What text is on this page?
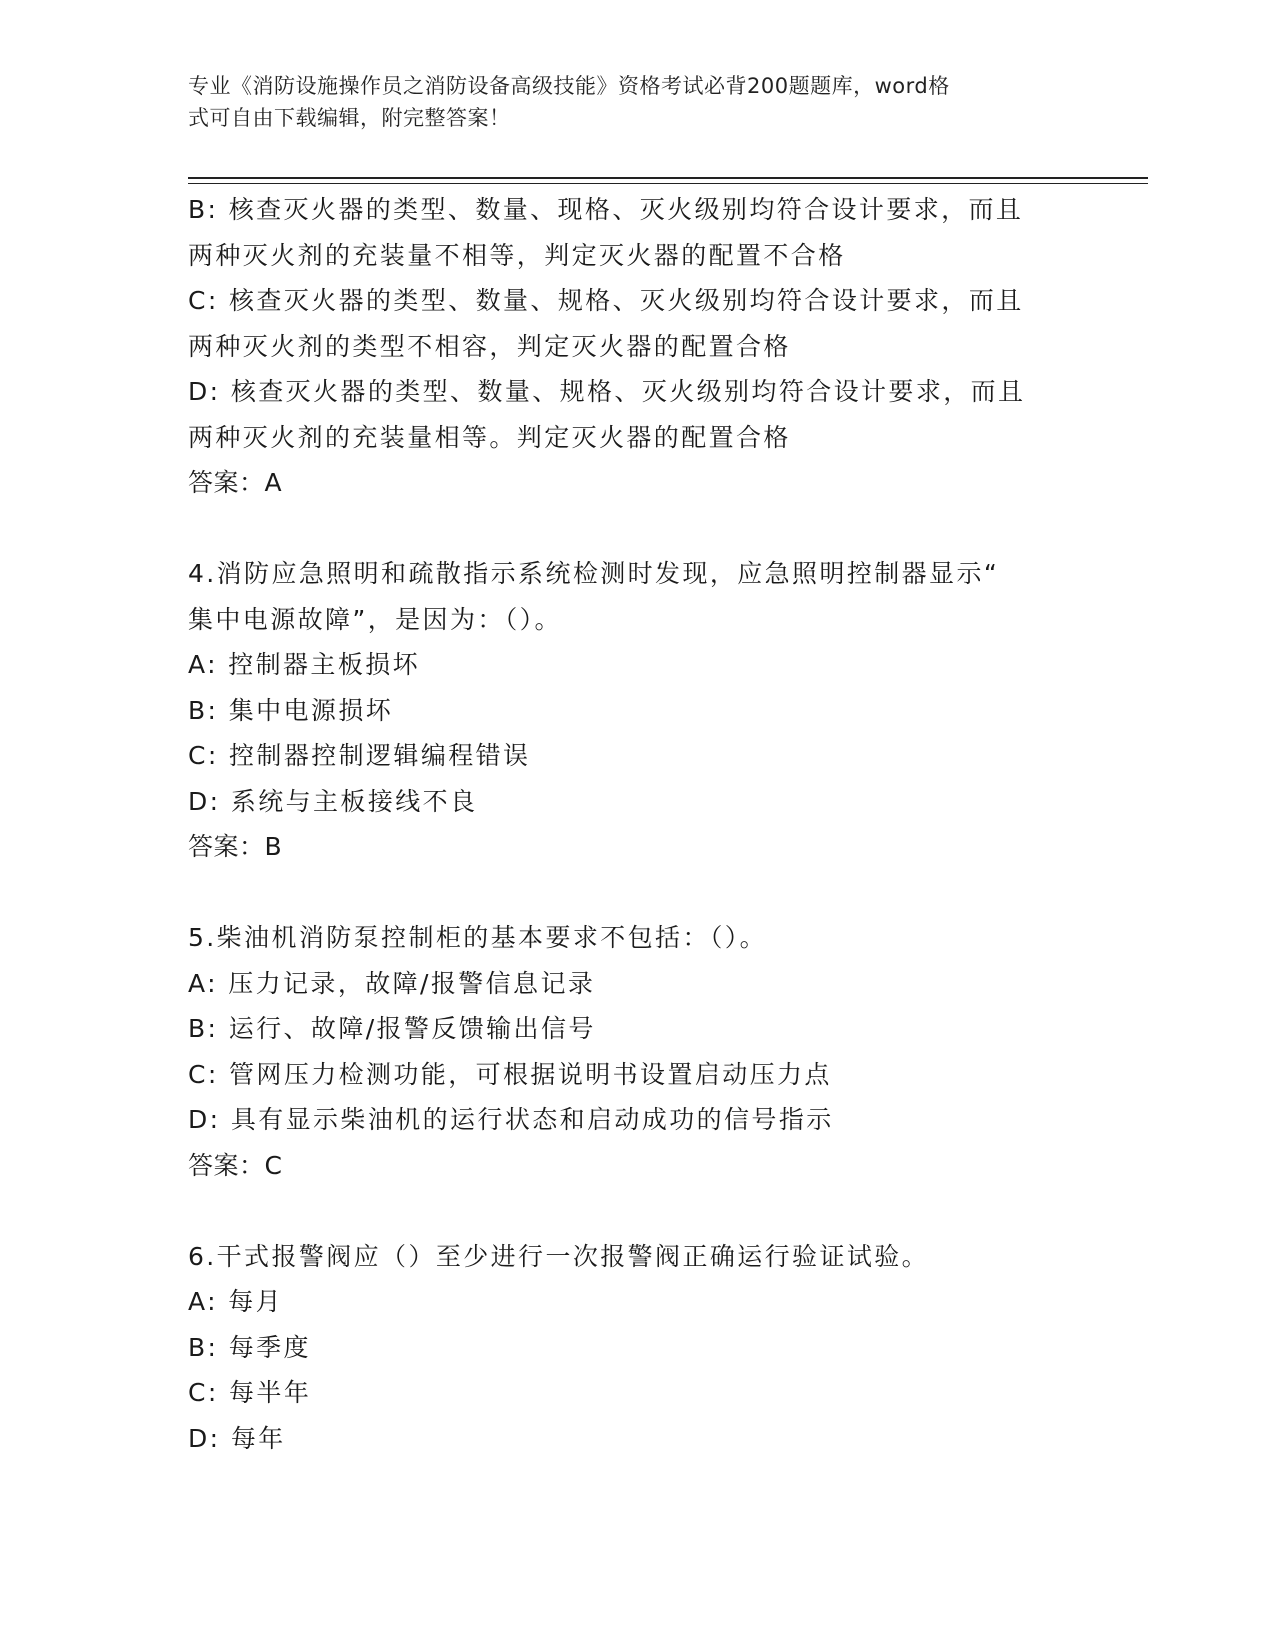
专业《消防设施操作员之消防设备高级技能》资格考试必背200题题库，word格
式可自由下载编辑，附完整答案！
B: 核查灭火器的类型、数量、现格、灭火级别均符合设计要求，而且
两种灭火剂的充装量不相等，判定灭火器的配置不合格
C: 核查灭火器的类型、数量、规格、灭火级别均符合设计要求，而且
两种灭火剂的类型不相容，判定灭火器的配置合格
D: 核查灭火器的类型、数量、规格、灭火级别均符合设计要求，而且
两种灭火剂的充装量相等。判定灭火器的配置合格
答案：A
4.消防应急照明和疏散指示系统检测时发现，应急照明控制器显示“
集中电源故障”，是因为：（）。
A: 控制器主板损坏
B: 集中电源损坏
C: 控制器控制逻辑编程错误
D: 系统与主板接线不良
答案：B
5.柴油机消防泵控制柜的基本要求不包括：（）。
A: 压力记录，故障/报警信息记录
B: 运行、故障/报警反馈输出信号
C: 管网压力检测功能，可根据说明书设置启动压力点
D: 具有显示柴油机的运行状态和启动成功的信号指示
答案：C
6.干式报警阀应（）至少进行一次报警阀正确运行验证试验。
A: 每月
B: 每季度
C: 每半年
D: 每年
